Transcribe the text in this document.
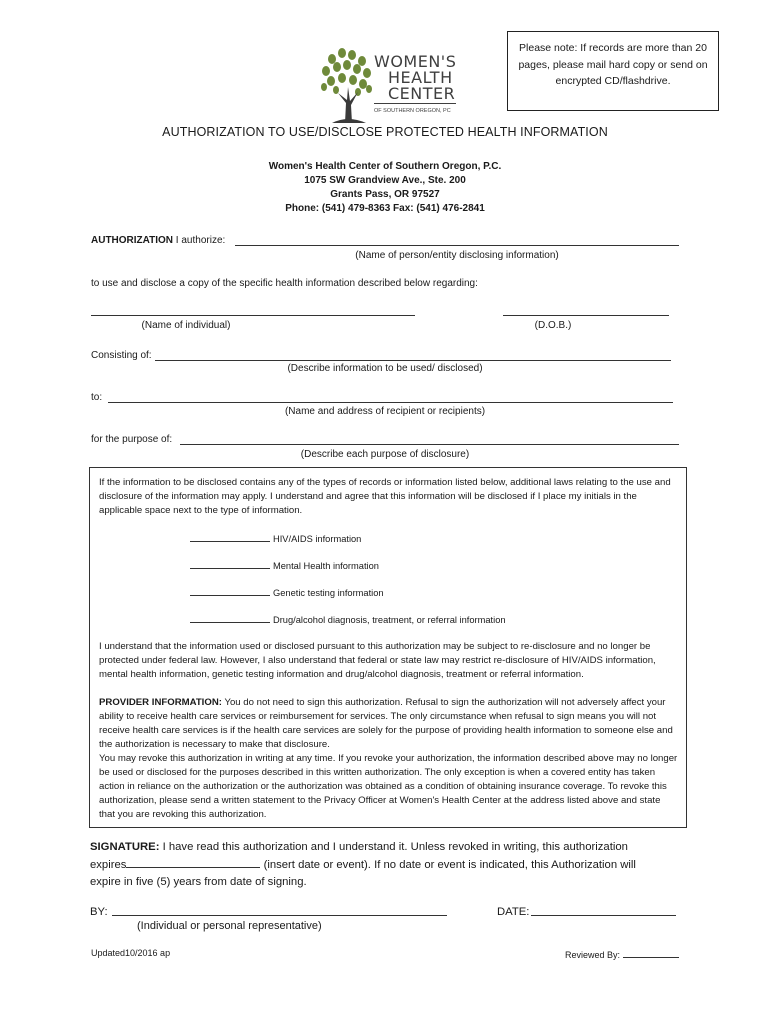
Please note: If records are more than 20 pages, please mail hard copy or send on encrypted CD/flashdrive.
WOMEN'S
HEALTH
CENTER
OF SOUTHERN OREGON, PC
AUTHORIZATION TO USE/DISCLOSE PROTECTED HEALTH INFORMATION
Women's Health Center of Southern Oregon, P.C.
1075 SW Grandview Ave., Ste. 200
Grants Pass, OR 97527
Phone: (541) 479-8363 Fax: (541) 476-2841
AUTHORIZATION I authorize:
(Name of person/entity disclosing information)
to use and disclose a copy of the specific health information described below regarding:
(Name of individual)	(D.O.B.)
Consisting of:
(Describe information to be used/ disclosed)
to:
(Name and address of recipient or recipients)
for the purpose of:
(Describe each purpose of disclosure)
If the information to be disclosed contains any of the types of records or information listed below, additional laws relating to the use and disclosure of the information may apply. I understand and agree that this information will be disclosed if I place my initials in the applicable space next to the type of information.
HIV/AIDS information
Mental Health information
Genetic testing information
Drug/alcohol diagnosis, treatment, or referral information
I understand that the information used or disclosed pursuant to this authorization may be subject to re-disclosure and no longer be protected under federal law. However, I also understand that federal or state law may restrict re-disclosure of HIV/AIDS information, mental health information, genetic testing information and drug/alcohol diagnosis, treatment or referral information.
PROVIDER INFORMATION: You do not need to sign this authorization. Refusal to sign the authorization will not adversely affect your ability to receive health care services or reimbursement for services. The only circumstance when refusal to sign means you will not receive health care services is if the health care services are solely for the purpose of providing health information to someone else and the authorization is necessary to make that disclosure.
You may revoke this authorization in writing at any time. If you revoke your authorization, the information described above may no longer be used or disclosed for the purposes described in this written authorization. The only exception is when a covered entity has taken action in reliance on the authorization or the authorization was obtained as a condition of obtaining insurance coverage. To revoke this authorization, please send a written statement to the Privacy Officer at Women's Health Center at the address listed above and state that you are revoking this authorization.
SIGNATURE: I have read this authorization and I understand it. Unless revoked in writing, this authorization
expires	(insert date or event). If no date or event is indicated, this Authorization will
expire in five (5) years from date of signing.
BY:
(Individual or personal representative)
DATE:
Updated10/2016 ap	Reviewed By:
